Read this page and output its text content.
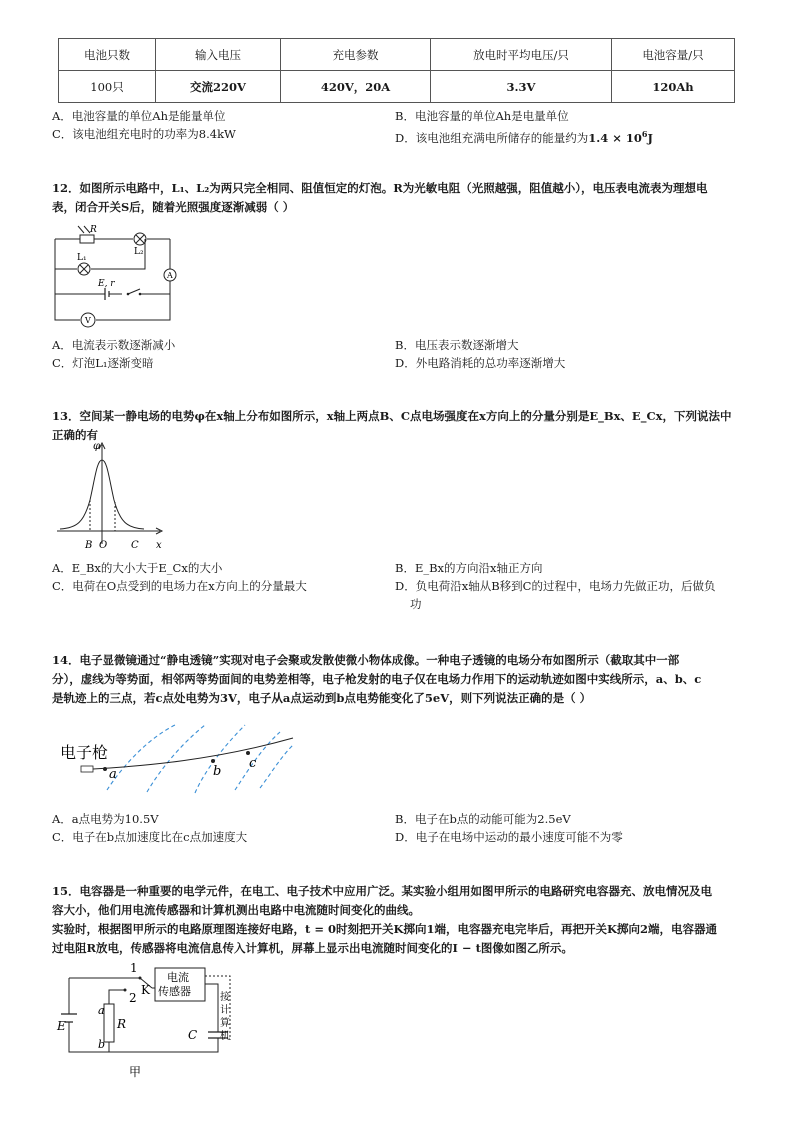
电池只数	输入电压	充电参数	放电时平均电压/只	电池容量/只
100只	交流220V	420V，20A	3.3V	120Ah
A．电池容量的单位Ah是能量单位	B．电池容量的单位Ah是电量单位
C．该电池组充电时的功率为8.4kW	D．该电池组充满电所储存的能量约为$1.4 \times 10^6J$
12．如图所示电路中，L₁、L₂为两只完全相同、阻值恒定的灯泡。R为光敏电阻（光照越强，阻值越小），电压表电流表为理想电
表，闭合开关S后，随着光照强度逐渐减弱（ ）
R
L₁
L₂
A
E, r
V
A．电流表示数逐渐减小	B．电压表示数逐渐增大
C．灯泡L₁逐渐变暗	D．外电路消耗的总功率逐渐增大
13．空间某一静电场的电势φ在x轴上分布如图所示，x轴上两点B、C点电场强度在x方向上的分量分别是E_Bx、E_Cx，下列说法中
正确的有
φ
B O C x
A．E_Bx的大小大于E_Cx的大小	B．E_Bx的方向沿x轴正方向
C．电荷在O点受到的电场力在x方向上的分量最大	D．负电荷沿x轴从B移到C的过程中，电场力先做正功，后做负
功
14．电子显微镜通过“静电透镜”实现对电子会聚或发散使微小物体成像。一种电子透镜的电场分布如图所示（截取其中一部
分），虚线为等势面，相邻两等势面间的电势差相等，电子枪发射的电子仅在电场力作用下的运动轨迹如图中实线所示，a、b、c
是轨迹上的三点，若c点处电势为3V，电子从a点运动到b点电势能变化了5eV，则下列说法正确的是（ ）
电子枪
a	b
c
A．a点电势为10.5V	B．电子在b点的动能可能为2.5eV
C．电子在b点加速度比在c点加速度大	D．电子在电场中运动的最小速度可能不为零
15．电容器是一种重要的电学元件，在电工、电子技术中应用广泛。某实验小组用如图甲所示的电路研究电容器充、放电情况及电
容大小，他们用电流传感器和计算机测出电路中电流随时间变化的曲线。
实验时，根据图甲所示的电路原理图连接好电路，t = 0时刻把开关K掷向1端，电容器充电完毕后，再把开关K掷向2端，电容器通
过电阻R放电，传感器将电流信息传入计算机，屏幕上显示出电流随时间变化的I − t图像如图乙所示。
1
2
K
电流
传感器
E
a
b
R
C
接
计
算
机
甲
